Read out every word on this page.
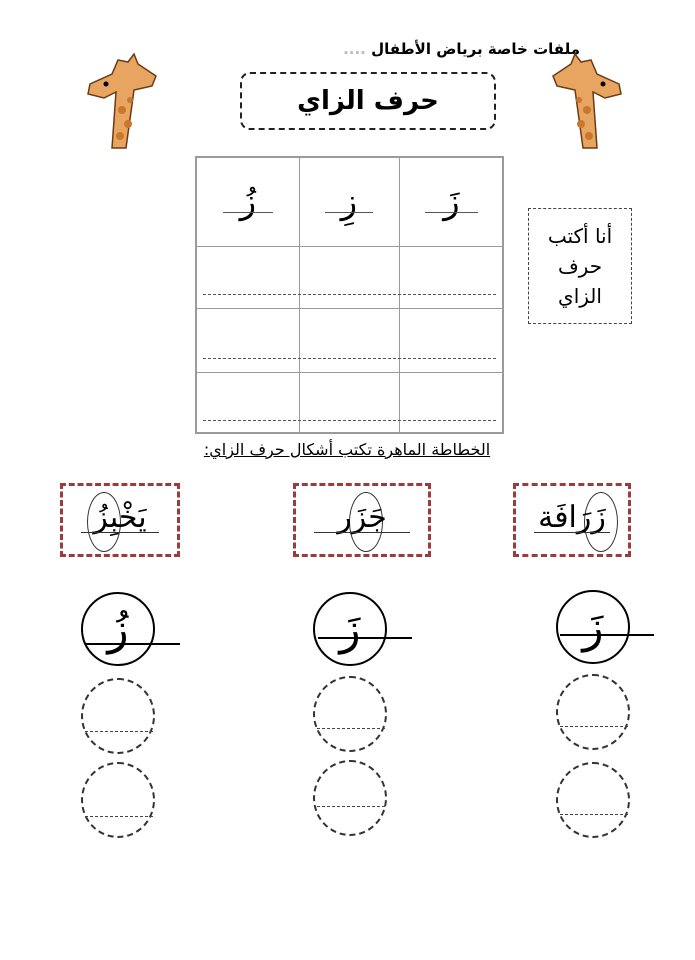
ملفات خاصة برياض الأطفال ....
حرف الزاي
زَ
زِ
زُ
أنا أكتب
حرف
الزاي
الخطاطة الماهرة تكتب أشكال حرف الزاي:
زَرَافَة
جَزَر
يَخْبِزُ
زَ
زَ
زُ
